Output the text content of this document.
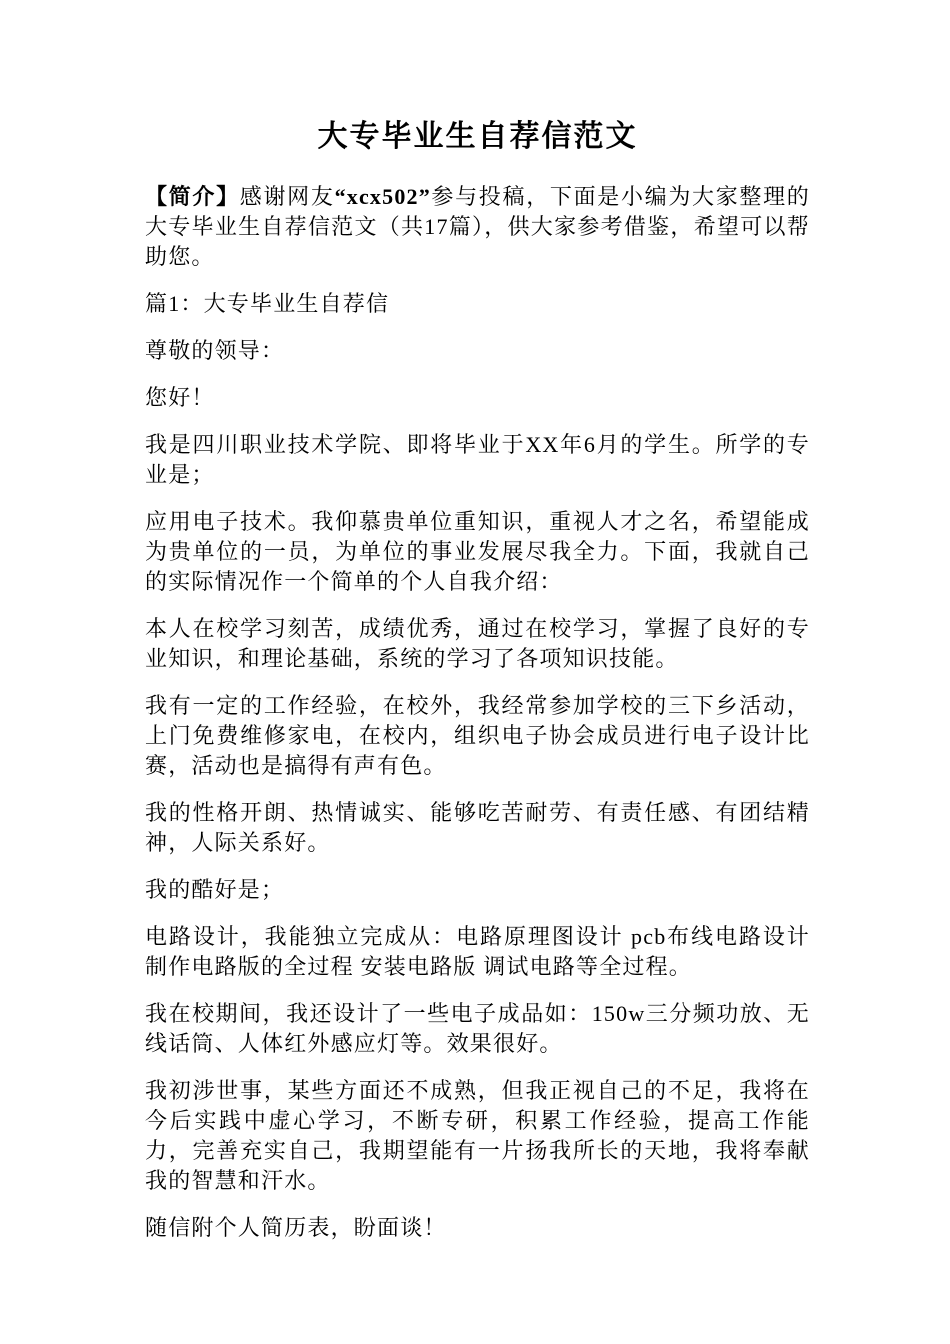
大专毕业生自荐信范文

【简介】感谢网友“xcx502”参与投稿，下面是小编为大家整理的大专毕业生自荐信范文（共17篇），供大家参考借鉴，希望可以帮助您。

篇1：大专毕业生自荐信

尊敬的领导：

您好！

我是四川职业技术学院、即将毕业于XX年6月的学生。所学的专业是；

应用电子技术。我仰慕贵单位重知识，重视人才之名，希望能成为贵单位的一员，为单位的事业发展尽我全力。下面，我就自己的实际情况作一个简单的个人自我介绍：

本人在校学习刻苦，成绩优秀，通过在校学习，掌握了良好的专业知识，和理论基础，系统的学习了各项知识技能。

我有一定的工作经验，在校外，我经常参加学校的三下乡活动，上门免费维修家电，在校内，组织电子协会成员进行电子设计比赛，活动也是搞得有声有色。

我的性格开朗、热情诚实、能够吃苦耐劳、有责任感、有团结精神，人际关系好。

我的酷好是；

电路设计，我能独立完成从：电路原理图设计 pcb布线电路设计 制作电路版的全过程 安装电路版 调试电路等全过程。

我在校期间，我还设计了一些电子成品如：150w三分频功放、无线话筒、人体红外感应灯等。效果很好。

我初涉世事，某些方面还不成熟，但我正视自己的不足，我将在今后实践中虚心学习，不断专研，积累工作经验，提高工作能力，完善充实自己，我期望能有一片扬我所长的天地，我将奉献我的智慧和汗水。

随信附个人简历表，盼面谈！
